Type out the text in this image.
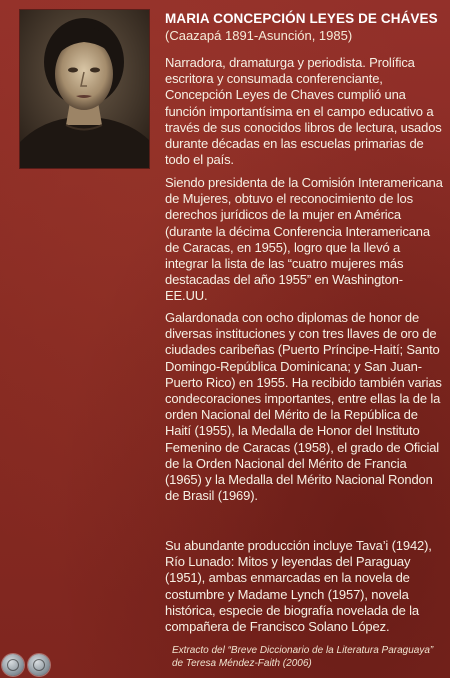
MARIA CONCEPCIÓN LEYES DE CHÁVES
(Caazapá 1891-Asunción, 1985)

Narradora, dramaturga y periodista. Prolífica escritora y consumada conferenciante, Concepción Leyes de Chaves cumplió una función importantísima en el campo educativo a través de sus conocidos libros de lectura, usados durante décadas en las escuelas primarias de todo el país.

Siendo presidenta de la Comisión Interamericana de Mujeres, obtuvo el reconocimiento de los derechos jurídicos de la mujer en América (durante la décima Conferencia Interamericana de Caracas, en 1955), logro que la llevó a integrar la lista de las “cuatro mujeres más destacadas del año 1955” en Washington-EE.UU.

Galardonada con ocho diplomas de honor de diversas instituciones y con tres llaves de oro de ciudades caribeñas (Puerto Príncipe-Haití; Santo Domingo-República Dominicana; y San Juan-Puerto Rico) en 1955. Ha recibido también varias condecoraciones importantes, entre ellas la de la orden Nacional del Mérito de la República de Haití (1955), la Medalla de Honor del Instituto Femenino de Caracas (1958), el grado de Oficial de la Orden Nacional del Mérito de Francia (1965) y la Medalla del Mérito Nacional Rondon de Brasil (1969).

Su abundante producción incluye Tava’i (1942), Río Lunado: Mitos y leyendas del Paraguay (1951), ambas enmarcadas en la novela de costumbre y Madame Lynch (1957), novela histórica, especie de biografía novelada de la compañera de Francisco Solano López.

Extracto del “Breve Diccionario de la Literatura Paraguaya” de Teresa Méndez-Faith (2006)
